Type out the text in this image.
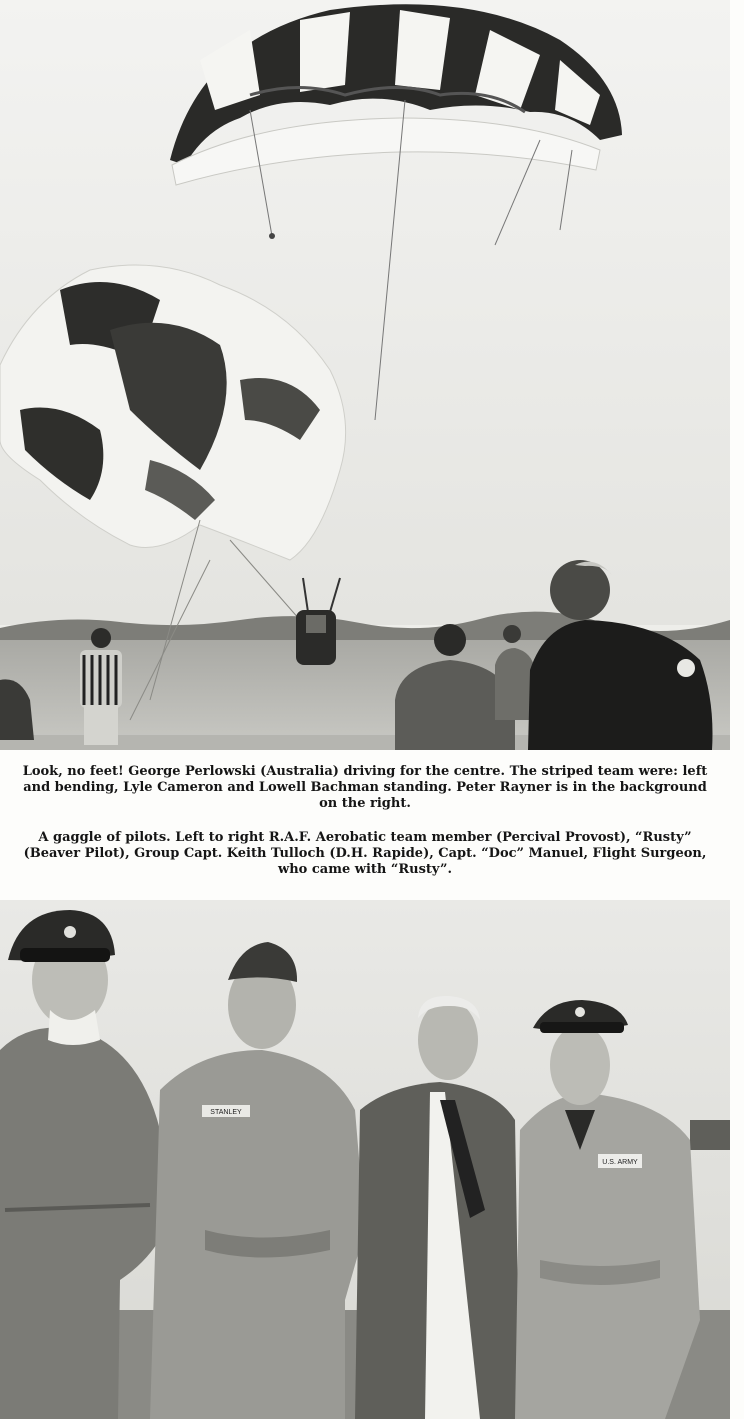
Look, no feet! George Perlowski (Australia) driving for the centre. The striped team were: left and bending, Lyle Cameron and Lowell Bachman standing. Peter Rayner is in the background on the right.
A gaggle of pilots. Left to right R.A.F. Aerobatic team member (Percival Provost), “Rusty” (Beaver Pilot), Group Capt. Keith Tulloch (D.H. Rapide), Capt. “Doc” Manuel, Flight Surgeon, who came with “Rusty”.
STANLEY
U.S. ARMY
